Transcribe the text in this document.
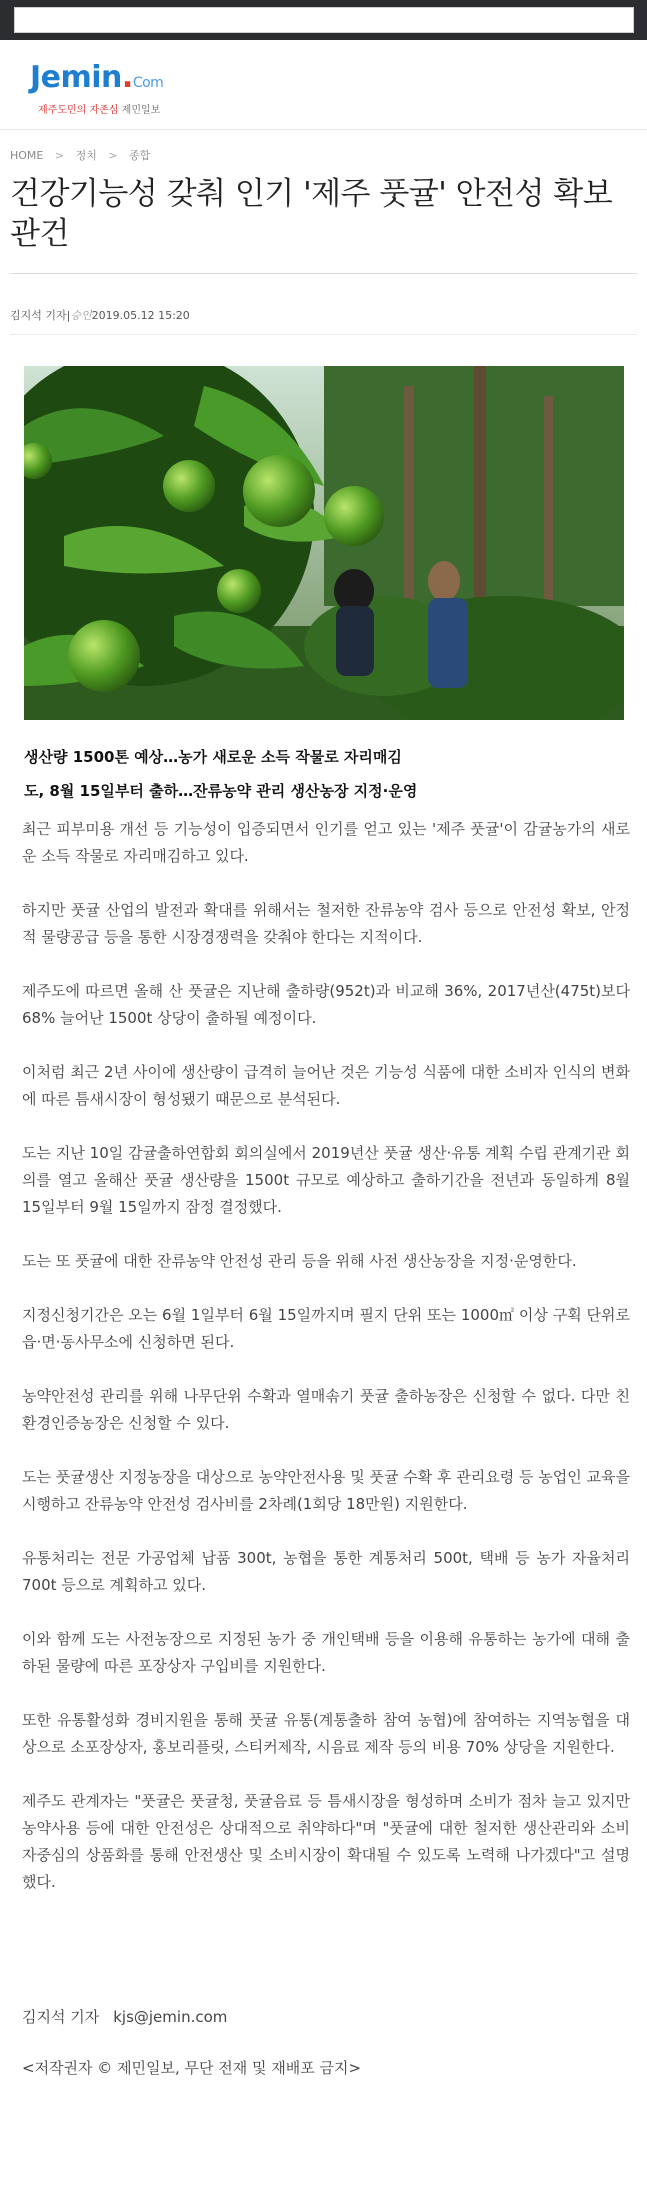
Jemin.Com
제주도민의 자존심 제민일보
HOME > 정치 > 종합
건강기능성 갖춰 인기 '제주 풋귤' 안전성 확보 관건
김지석 기자|승인2019.05.12 15:20
생산량 1500톤 예상…농가 새로운 소득 작물로 자리매김
도, 8월 15일부터 출하…잔류농약 관리 생산농장 지정·운영

최근 피부미용 개선 등 기능성이 입증되면서 인기를 얻고 있는 '제주 풋귤'이 감귤농가의 새로운 소득 작물로 자리매김하고 있다.

하지만 풋귤 산업의 발전과 확대를 위해서는 철저한 잔류농약 검사 등으로 안전성 확보, 안정적 물량공급 등을 통한 시장경쟁력을 갖춰야 한다는 지적이다.

제주도에 따르면 올해 산 풋귤은 지난해 출하량(952t)과 비교해 36%, 2017년산(475t)보다 68% 늘어난 1500t 상당이 출하될 예정이다.

이처럼 최근 2년 사이에 생산량이 급격히 늘어난 것은 기능성 식품에 대한 소비자 인식의 변화에 따른 틈새시장이 형성됐기 때문으로 분석된다.

도는 지난 10일 감귤출하연합회 회의실에서 2019년산 풋귤 생산·유통 계획 수립 관계기관 회의를 열고 올해산 풋귤 생산량을 1500t 규모로 예상하고 출하기간을 전년과 동일하게 8월 15일부터 9월 15일까지 잠정 결정했다.

도는 또 풋귤에 대한 잔류농약 안전성 관리 등을 위해 사전 생산농장을 지정·운영한다.

지정신청기간은 오는 6월 1일부터 6월 15일까지며 필지 단위 또는 1000㎡ 이상 구획 단위로 읍·면·동사무소에 신청하면 된다.

농약안전성 관리를 위해 나무단위 수확과 열매솎기 풋귤 출하농장은 신청할 수 없다. 다만 친환경인증농장은 신청할 수 있다.

도는 풋귤생산 지정농장을 대상으로 농약안전사용 및 풋귤 수확 후 관리요령 등 농업인 교육을 시행하고 잔류농약 안전성 검사비를 2차례(1회당 18만원) 지원한다.

유통처리는 전문 가공업체 납품 300t, 농협을 통한 계통처리 500t, 택배 등 농가 자율처리 700t 등으로 계획하고 있다.

이와 함께 도는 사전농장으로 지정된 농가 중 개인택배 등을 이용해 유통하는 농가에 대해 출하된 물량에 따른 포장상자 구입비를 지원한다.

또한 유통활성화 경비지원을 통해 풋귤 유통(계통출하 참여 농협)에 참여하는 지역농협을 대상으로 소포장상자, 홍보리플릿, 스티커제작, 시음료 제작 등의 비용 70% 상당을 지원한다.

제주도 관계자는 "풋귤은 풋귤청, 풋귤음료 등 틈새시장을 형성하며 소비가 점차 늘고 있지만 농약사용 등에 대한 안전성은 상대적으로 취약하다"며 "풋귤에 대한 철저한 생산관리와 소비자중심의 상품화를 통해 안전생산 및 소비시장이 확대될 수 있도록 노력해 나가겠다"고 설명했다.

김지석 기자 kjs@jemin.com
<저작권자 © 제민일보, 무단 전재 및 재배포 금지>
